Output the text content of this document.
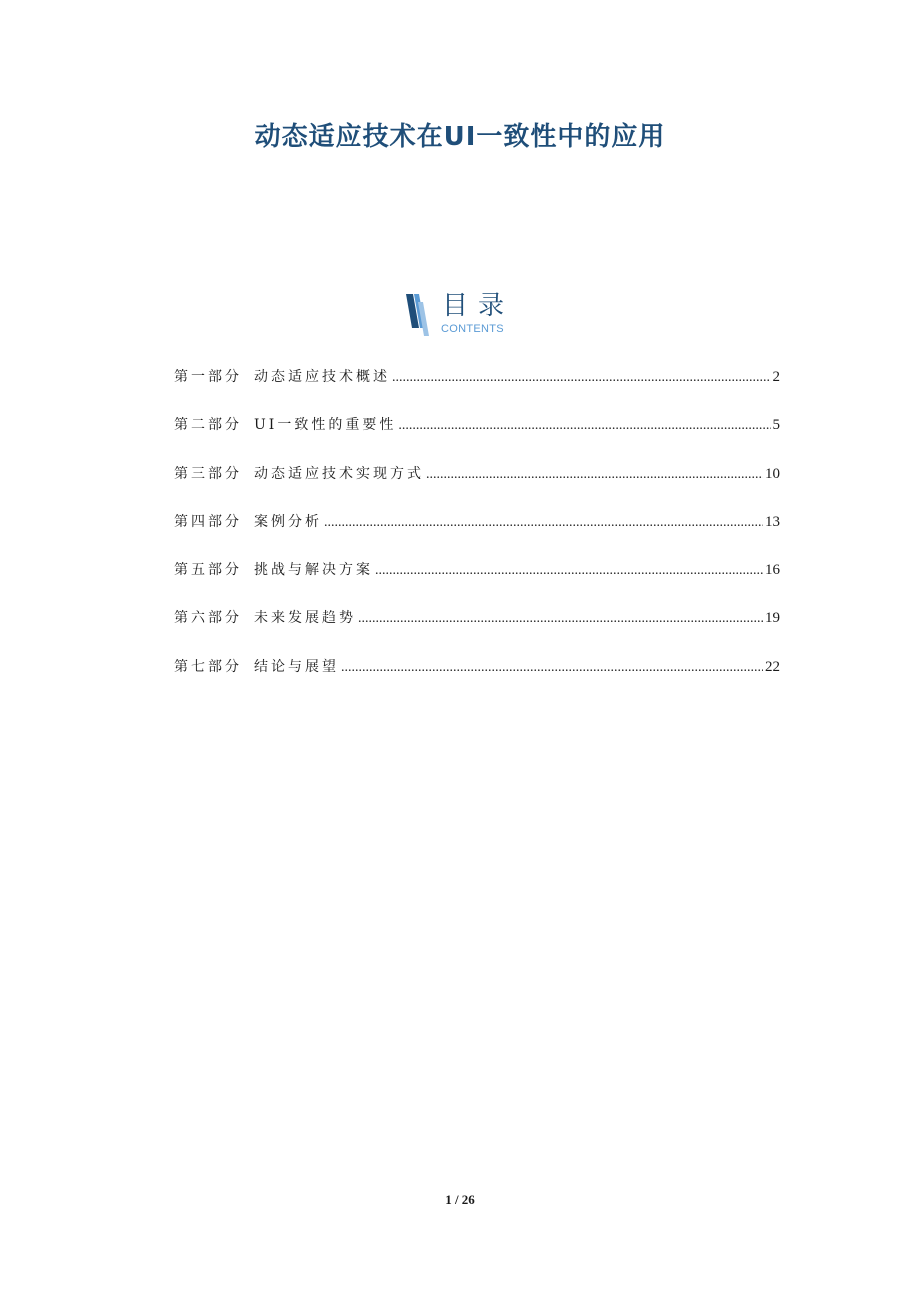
动态适应技术在UI一致性中的应用
目录
CONTENTS
第一部分 动态适应技术概述 .....	2
第二部分 UI一致性的重要性 .....	5
第三部分 动态适应技术实现方式 .....	10
第四部分 案例分析 .....	13
第五部分 挑战与解决方案 .....	16
第六部分 未来发展趋势 .....	19
第七部分 结论与展望 .....	22
1 / 26
